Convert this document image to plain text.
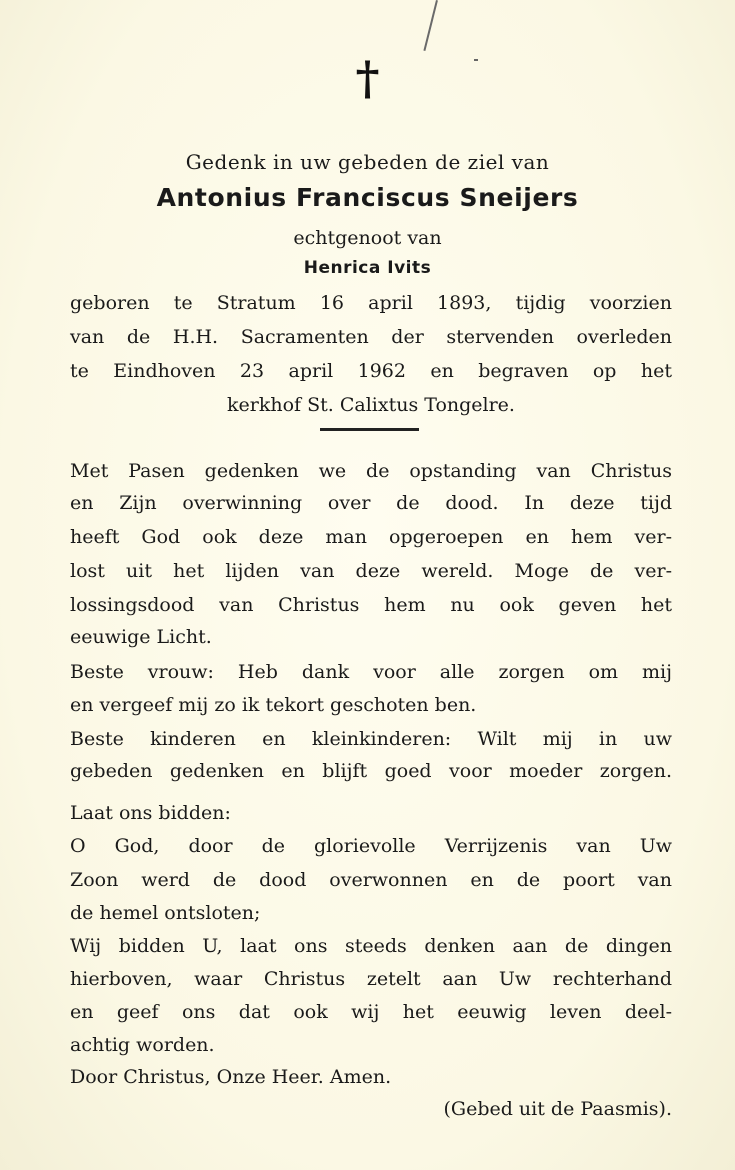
†
Gedenk in uw gebeden de ziel van
Antonius Franciscus Sneijers
echtgenoot van
Henrica Ivits
geboren te Stratum 16 april 1893, tijdig voorzien
van de H.H. Sacramenten der stervenden overleden
te Eindhoven 23 april 1962 en begraven op het
kerkhof St. Calixtus Tongelre.
Met Pasen gedenken we de opstanding van Christus
en Zijn overwinning over de dood. In deze tijd
heeft God ook deze man opgeroepen en hem ver-
lost uit het lijden van deze wereld. Moge de ver-
lossingsdood van Christus hem nu ook geven het
eeuwige Licht.
Beste vrouw: Heb dank voor alle zorgen om mij
en vergeef mij zo ik tekort geschoten ben.
Beste kinderen en kleinkinderen: Wilt mij in uw
gebeden gedenken en blijft goed voor moeder zorgen.
Laat ons bidden:
O God, door de glorievolle Verrijzenis van Uw
Zoon werd de dood overwonnen en de poort van
de hemel ontsloten;
Wij bidden U, laat ons steeds denken aan de dingen
hierboven, waar Christus zetelt aan Uw rechterhand
en geef ons dat ook wij het eeuwig leven deel-
achtig worden.
Door Christus, Onze Heer. Amen.
(Gebed uit de Paasmis).
